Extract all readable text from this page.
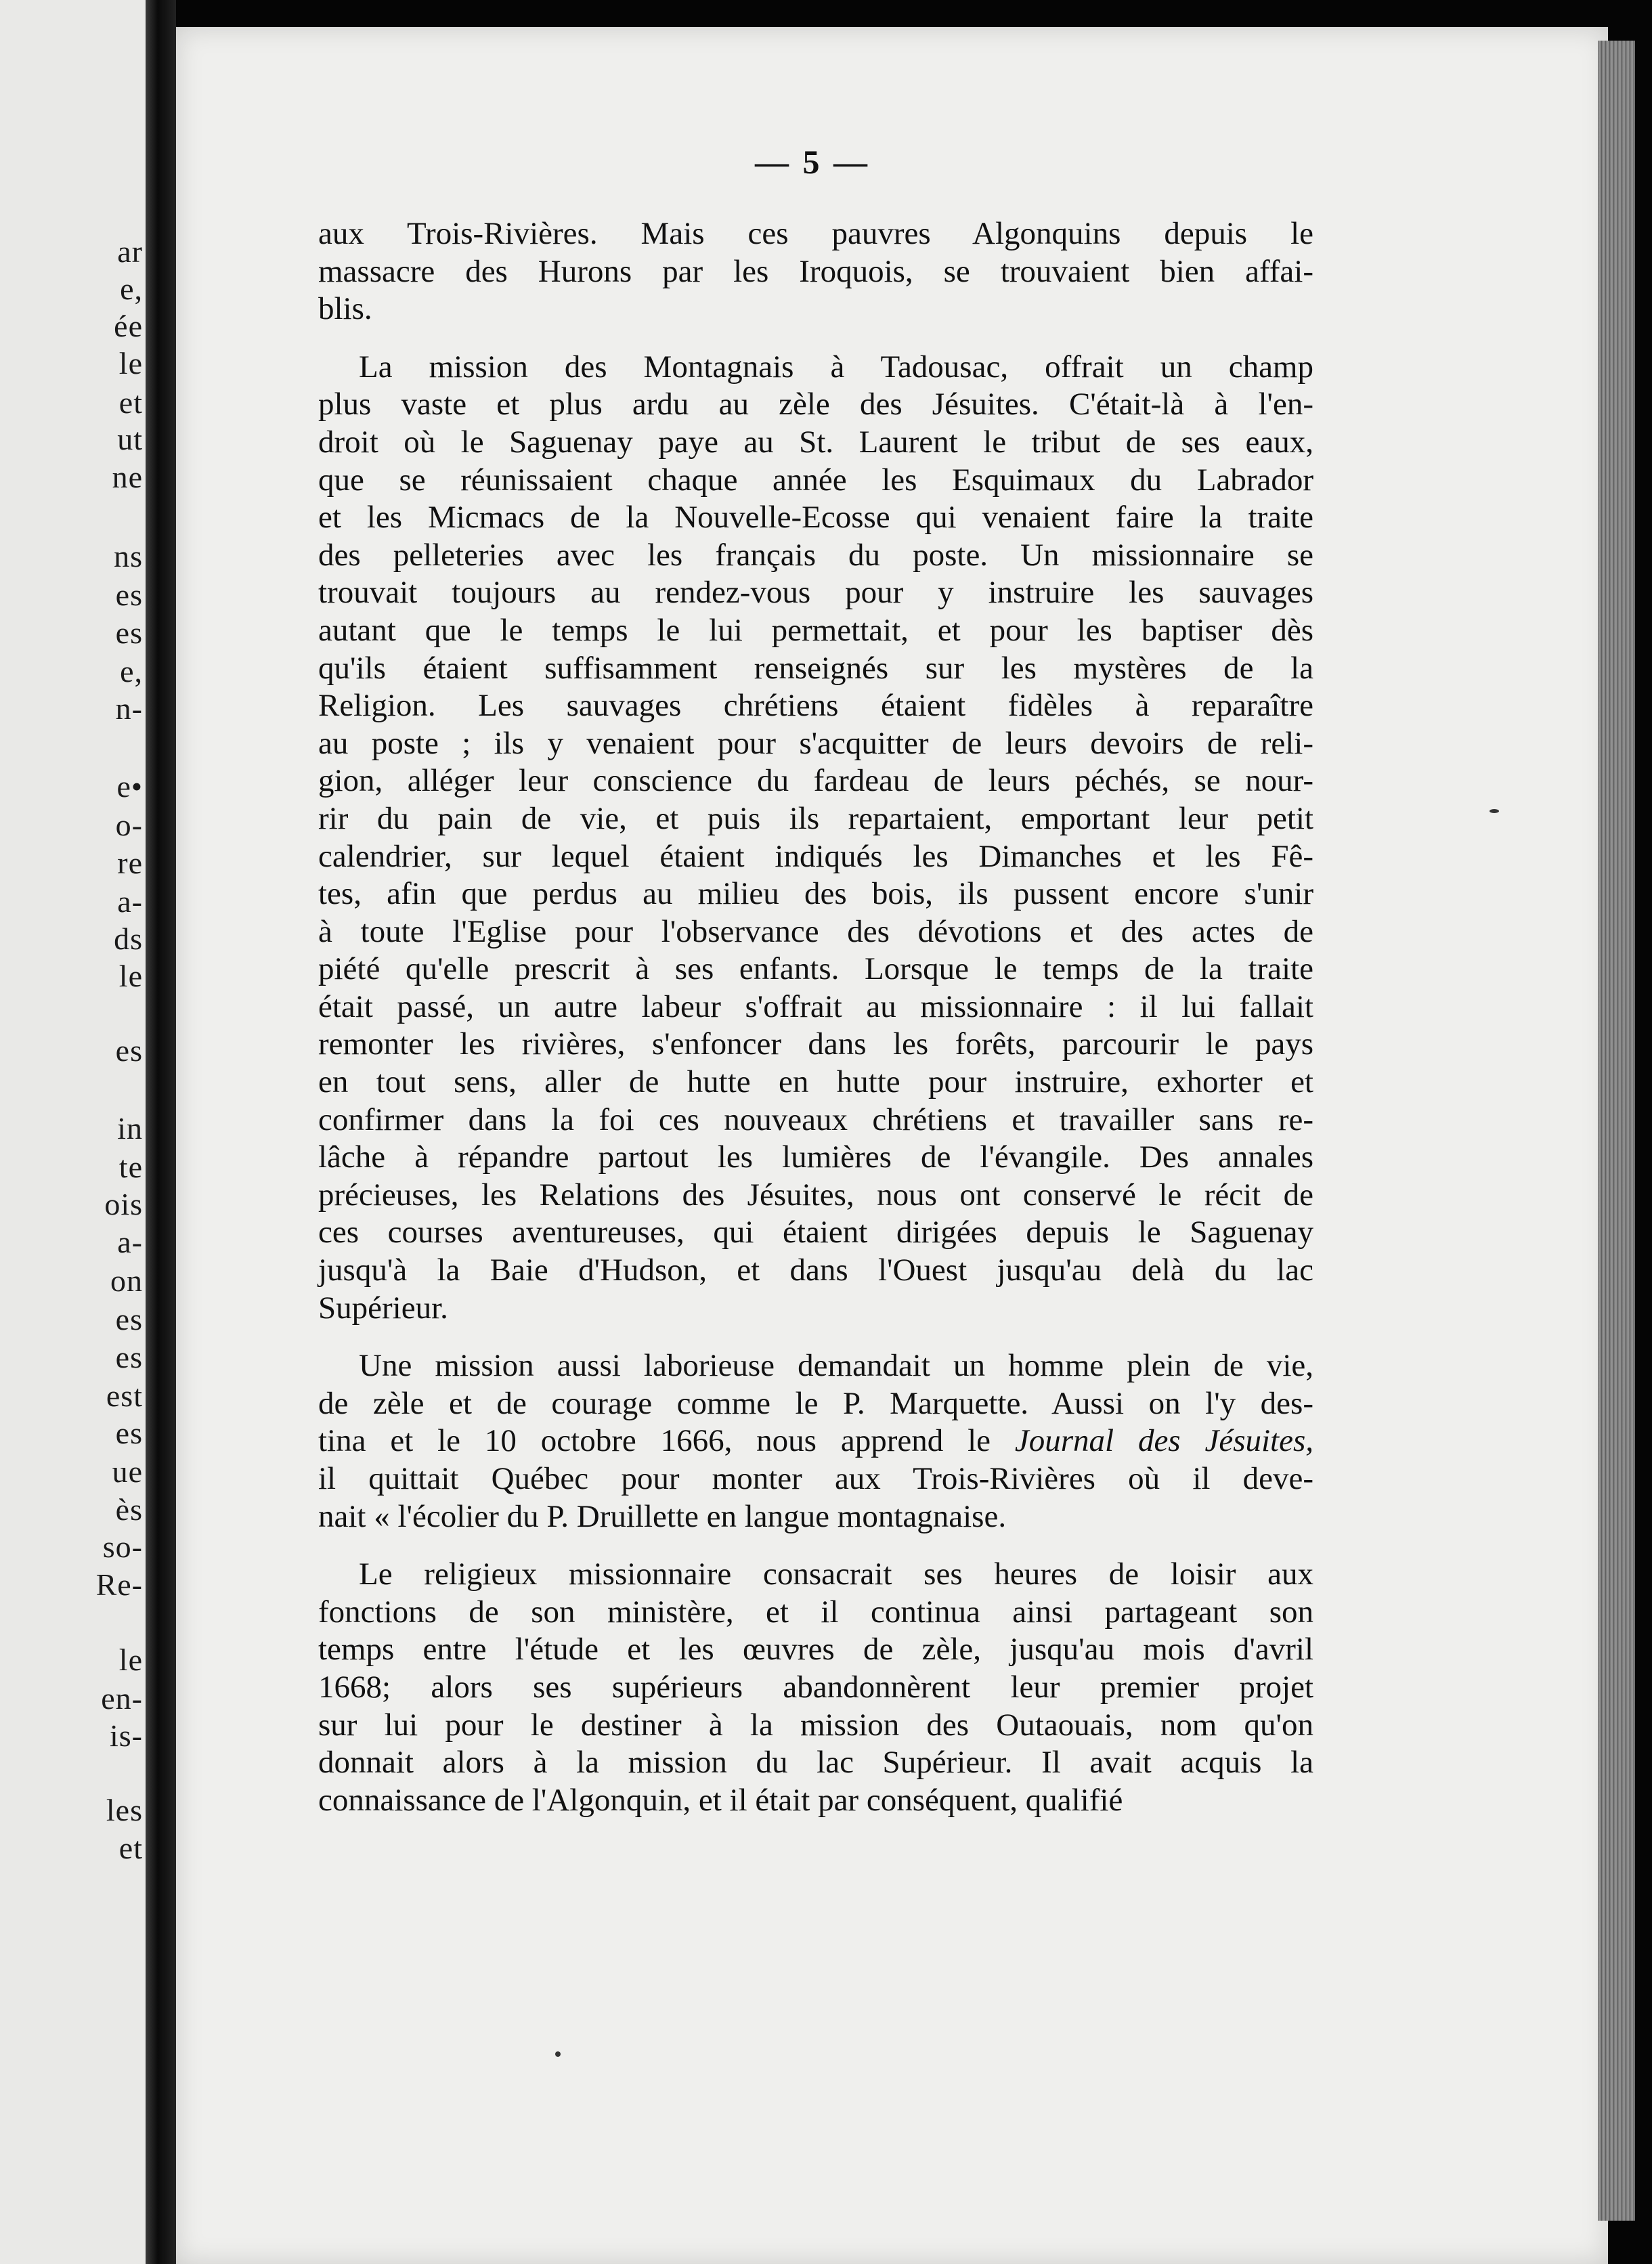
ar
e,
ée
le
et
ut
ne
ns
es
es
e,
n-
e•
o-
re
a-
ds
le
es
in
te
ois
a-
on
es
es
est
es
ue
ès
so-
Re-
le
en-
is-
les
et
— 5 —
aux Trois-Rivières. Mais ces pauvres Algonquins depuis le
massacre des Hurons par les Iroquois, se trouvaient bien affai-
blis.
La mission des Montagnais à Tadousac, offrait un champ
plus vaste et plus ardu au zèle des Jésuites. C'était-là à l'en-
droit où le Saguenay paye au St. Laurent le tribut de ses eaux,
que se réunissaient chaque année les Esquimaux du Labrador
et les Micmacs de la Nouvelle-Ecosse qui venaient faire la traite
des pelleteries avec les français du poste. Un missionnaire se
trouvait toujours au rendez-vous pour y instruire les sauvages
autant que le temps le lui permettait, et pour les baptiser dès
qu'ils étaient suffisamment renseignés sur les mystères de la
Religion. Les sauvages chrétiens étaient fidèles à reparaître
au poste ; ils y venaient pour s'acquitter de leurs devoirs de reli-
gion, alléger leur conscience du fardeau de leurs péchés, se nour-
rir du pain de vie, et puis ils repartaient, emportant leur petit
calendrier, sur lequel étaient indiqués les Dimanches et les Fê-
tes, afin que perdus au milieu des bois, ils pussent encore s'unir
à toute l'Eglise pour l'observance des dévotions et des actes de
piété qu'elle prescrit à ses enfants. Lorsque le temps de la traite
était passé, un autre labeur s'offrait au missionnaire : il lui fallait
remonter les rivières, s'enfoncer dans les forêts, parcourir le pays
en tout sens, aller de hutte en hutte pour instruire, exhorter et
confirmer dans la foi ces nouveaux chrétiens et travailler sans re-
lâche à répandre partout les lumières de l'évangile. Des annales
précieuses, les Relations des Jésuites, nous ont conservé le récit de
ces courses aventureuses, qui étaient dirigées depuis le Saguenay
jusqu'à la Baie d'Hudson, et dans l'Ouest jusqu'au delà du lac
Supérieur.
Une mission aussi laborieuse demandait un homme plein de vie,
de zèle et de courage comme le P. Marquette. Aussi on l'y des-
tina et le 10 octobre 1666, nous apprend le Journal des Jésuites,
il quittait Québec pour monter aux Trois-Rivières où il deve-
nait « l'écolier du P. Druillette en langue montagnaise.
Le religieux missionnaire consacrait ses heures de loisir aux
fonctions de son ministère, et il continua ainsi partageant son
temps entre l'étude et les œuvres de zèle, jusqu'au mois d'avril
1668; alors ses supérieurs abandonnèrent leur premier projet
sur lui pour le destiner à la mission des Outaouais, nom qu'on
donnait alors à la mission du lac Supérieur. Il avait acquis la
connaissance de l'Algonquin, et il était par conséquent, qualifié
